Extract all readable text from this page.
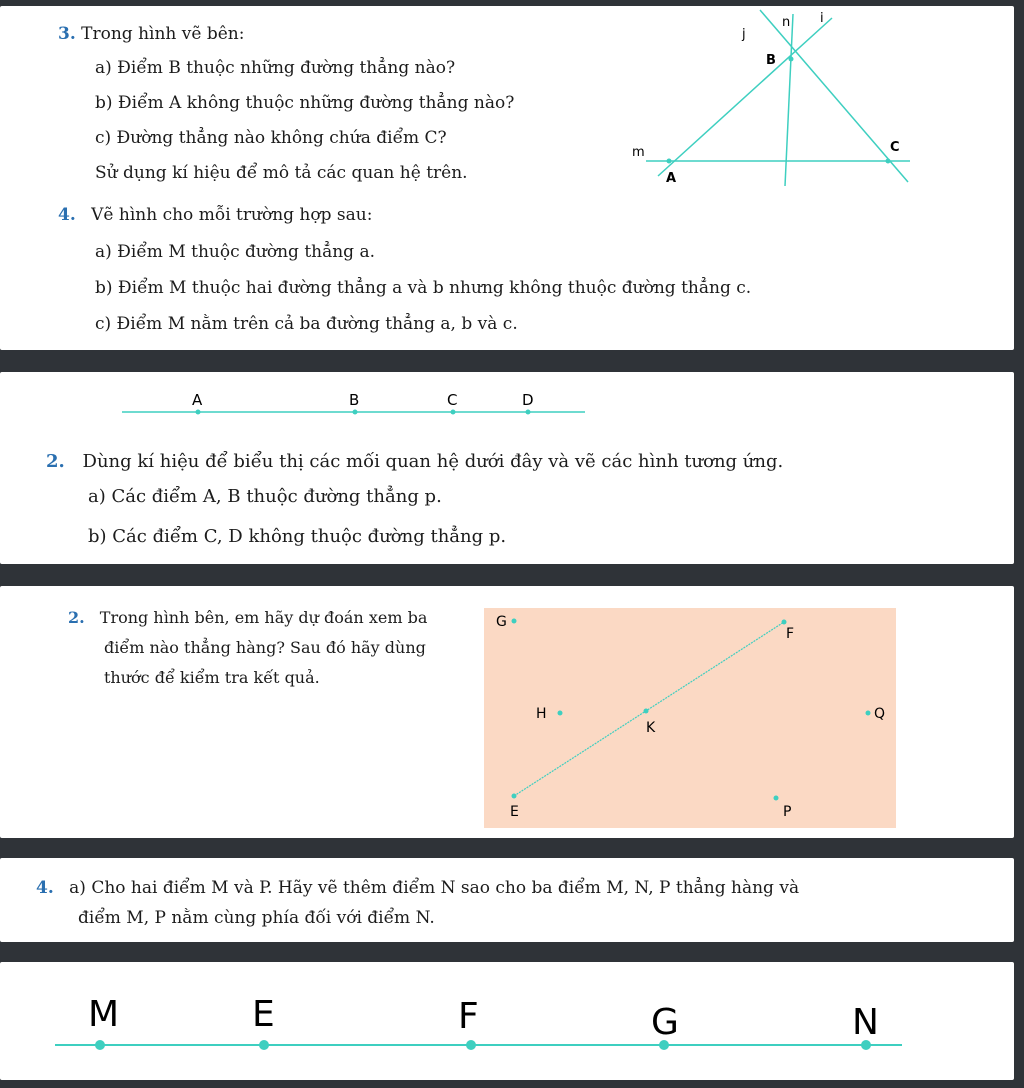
3. Trong hình vẽ bên:
a) Điểm B thuộc những đường thẳng nào?
b) Điểm A không thuộc những đường thẳng nào?
c) Đường thẳng nào không chứa điểm C?
Sử dụng kí hiệu để mô tả các quan hệ trên.
j
n i
B
m	C
A
4. Vẽ hình cho mỗi trường hợp sau:
a) Điểm M thuộc đường thẳng a.
b) Điểm M thuộc hai đường thẳng a và b nhưng không thuộc đường thẳng c.
c) Điểm M nằm trên cả ba đường thẳng a, b và c.
A	B	C	D
2. Dùng kí hiệu để biểu thị các mối quan hệ dưới đây và vẽ các hình tương ứng.
a) Các điểm A, B thuộc đường thẳng p.
b) Các điểm C, D không thuộc đường thẳng p.
2. Trong hình bên, em hãy dự đoán xem ba
điểm nào thẳng hàng? Sau đó hãy dùng
thước để kiểm tra kết quả.
G
F
H
K
Q
E	P
4. a) Cho hai điểm M và P. Hãy vẽ thêm điểm N sao cho ba điểm M, N, P thẳng hàng và
điểm M, P nằm cùng phía đối với điểm N.
M	E	F	G	N
